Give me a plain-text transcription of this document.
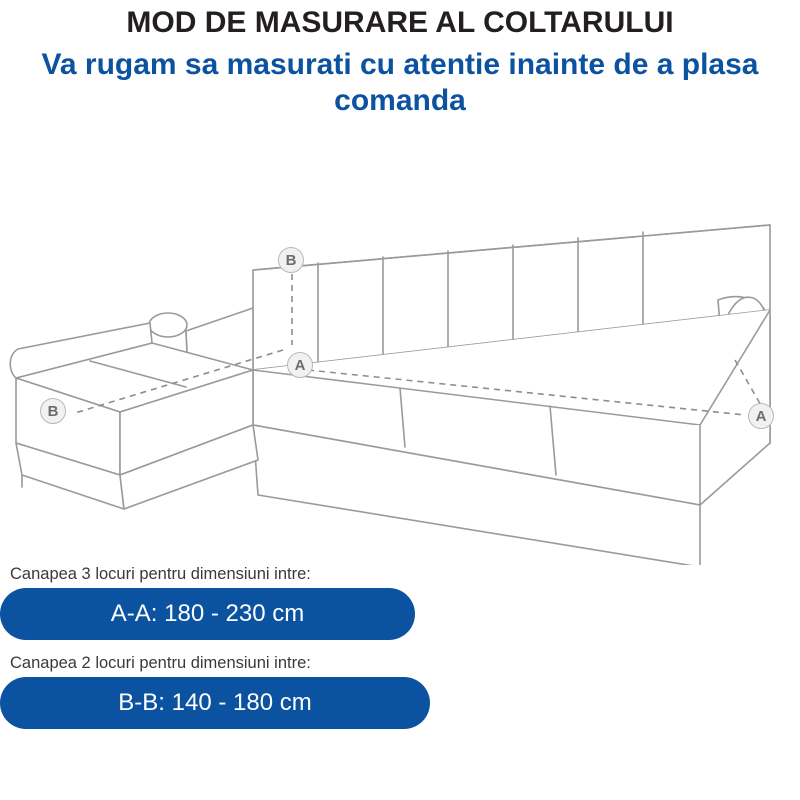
MOD DE MASURARE AL COLTARULUI
Va rugam sa masurati cu atentie inainte de a plasa comanda
B
A
B	A

Canapea 3 locuri pentru dimensiuni intre:

A-A: 180 - 230 cm

Canapea 2 locuri pentru dimensiuni intre:

B-B: 140 - 180 cm
